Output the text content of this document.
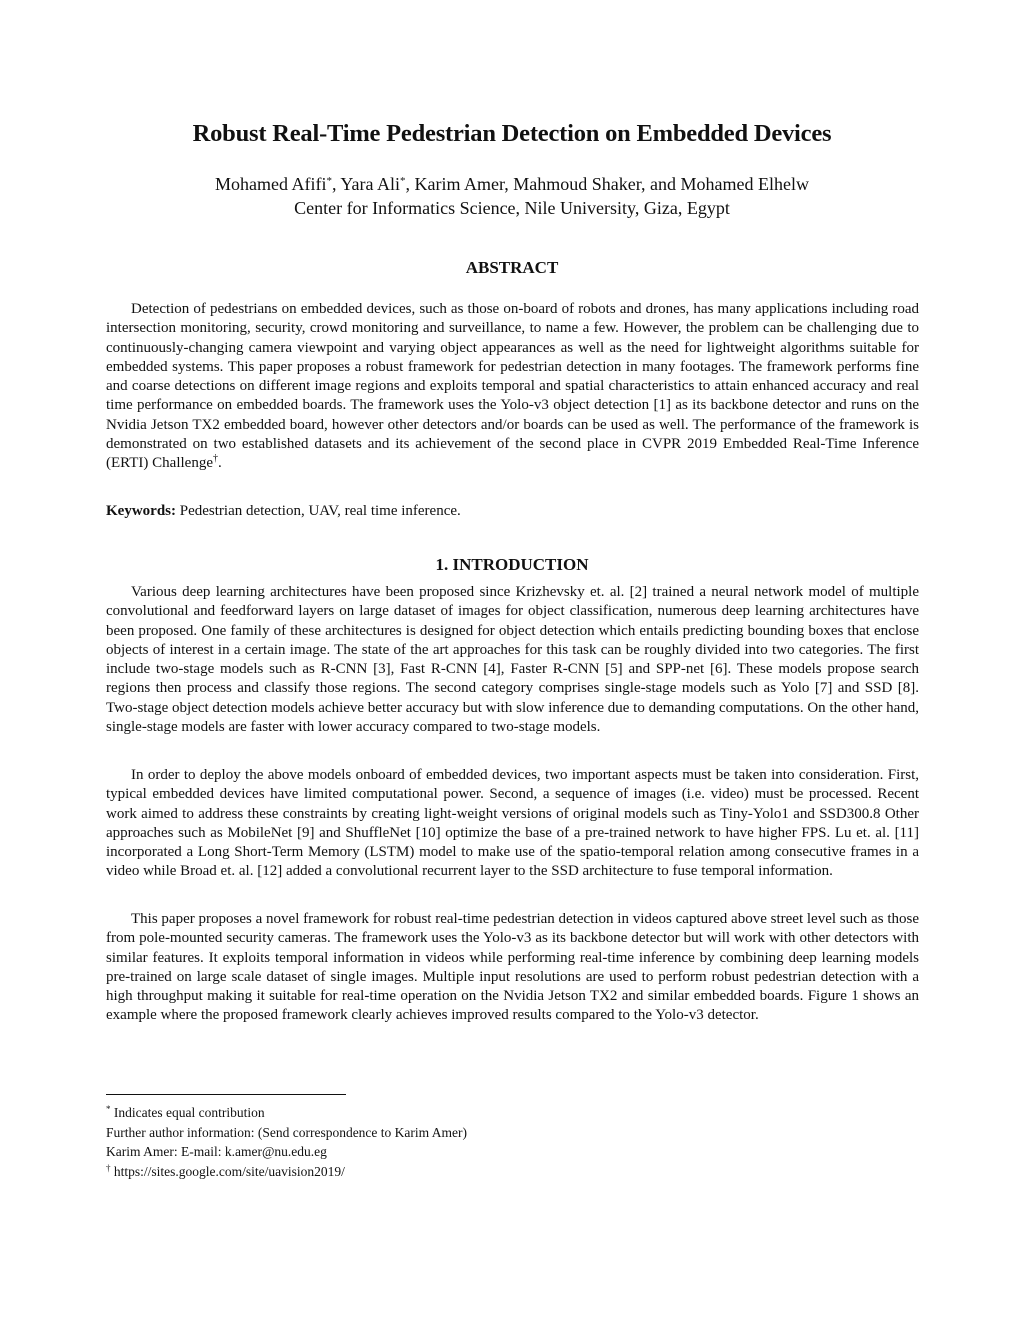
Robust Real-Time Pedestrian Detection on Embedded Devices
Mohamed Afifi*, Yara Ali*, Karim Amer, Mahmoud Shaker, and Mohamed Elhelw
Center for Informatics Science, Nile University, Giza, Egypt
ABSTRACT

Detection of pedestrians on embedded devices, such as those on-board of robots and drones, has many applications including road intersection monitoring, security, crowd monitoring and surveillance, to name a few. However, the problem can be challenging due to continuously-changing camera viewpoint and varying object appearances as well as the need for lightweight algorithms suitable for embedded systems. This paper proposes a robust framework for pedestrian detection in many footages. The framework performs fine and coarse detections on different image regions and exploits temporal and spatial characteristics to attain enhanced accuracy and real time performance on embedded boards. The framework uses the Yolo-v3 object detection [1] as its backbone detector and runs on the Nvidia Jetson TX2 embedded board, however other detectors and/or boards can be used as well. The performance of the framework is demonstrated on two established datasets and its achievement of the second place in CVPR 2019 Embedded Real-Time Inference (ERTI) Challenge†.

Keywords: Pedestrian detection, UAV, real time inference.

1. INTRODUCTION

Various deep learning architectures have been proposed since Krizhevsky et. al. [2] trained a neural network model of multiple convolutional and feedforward layers on large dataset of images for object classification, numerous deep learning architectures have been proposed. One family of these architectures is designed for object detection which entails predicting bounding boxes that enclose objects of interest in a certain image. The state of the art approaches for this task can be roughly divided into two categories. The first include two-stage models such as R-CNN [3], Fast R-CNN [4], Faster R-CNN [5] and SPP-net [6]. These models propose search regions then process and classify those regions. The second category comprises single-stage models such as Yolo [7] and SSD [8]. Two-stage object detection models achieve better accuracy but with slow inference due to demanding computations. On the other hand, single-stage models are faster with lower accuracy compared to two-stage models.

In order to deploy the above models onboard of embedded devices, two important aspects must be taken into consideration. First, typical embedded devices have limited computational power. Second, a sequence of images (i.e. video) must be processed. Recent work aimed to address these constraints by creating light-weight versions of original models such as Tiny-Yolo1 and SSD300.8 Other approaches such as MobileNet [9] and ShuffleNet [10] optimize the base of a pre-trained network to have higher FPS. Lu et. al. [11] incorporated a Long Short-Term Memory (LSTM) model to make use of the spatio-temporal relation among consecutive frames in a video while Broad et. al. [12] added a convolutional recurrent layer to the SSD architecture to fuse temporal information.

This paper proposes a novel framework for robust real-time pedestrian detection in videos captured above street level such as those from pole-mounted security cameras. The framework uses the Yolo-v3 as its backbone detector but will work with other detectors with similar features. It exploits temporal information in videos while performing real-time inference by combining deep learning models pre-trained on large scale dataset of single images. Multiple input resolutions are used to perform robust pedestrian detection with a high throughput making it suitable for real-time operation on the Nvidia Jetson TX2 and similar embedded boards. Figure 1 shows an example where the proposed framework clearly achieves improved results compared to the Yolo-v3 detector.

* Indicates equal contribution
Further author information: (Send correspondence to Karim Amer)
Karim Amer: E-mail: k.amer@nu.edu.eg
† https://sites.google.com/site/uavision2019/
